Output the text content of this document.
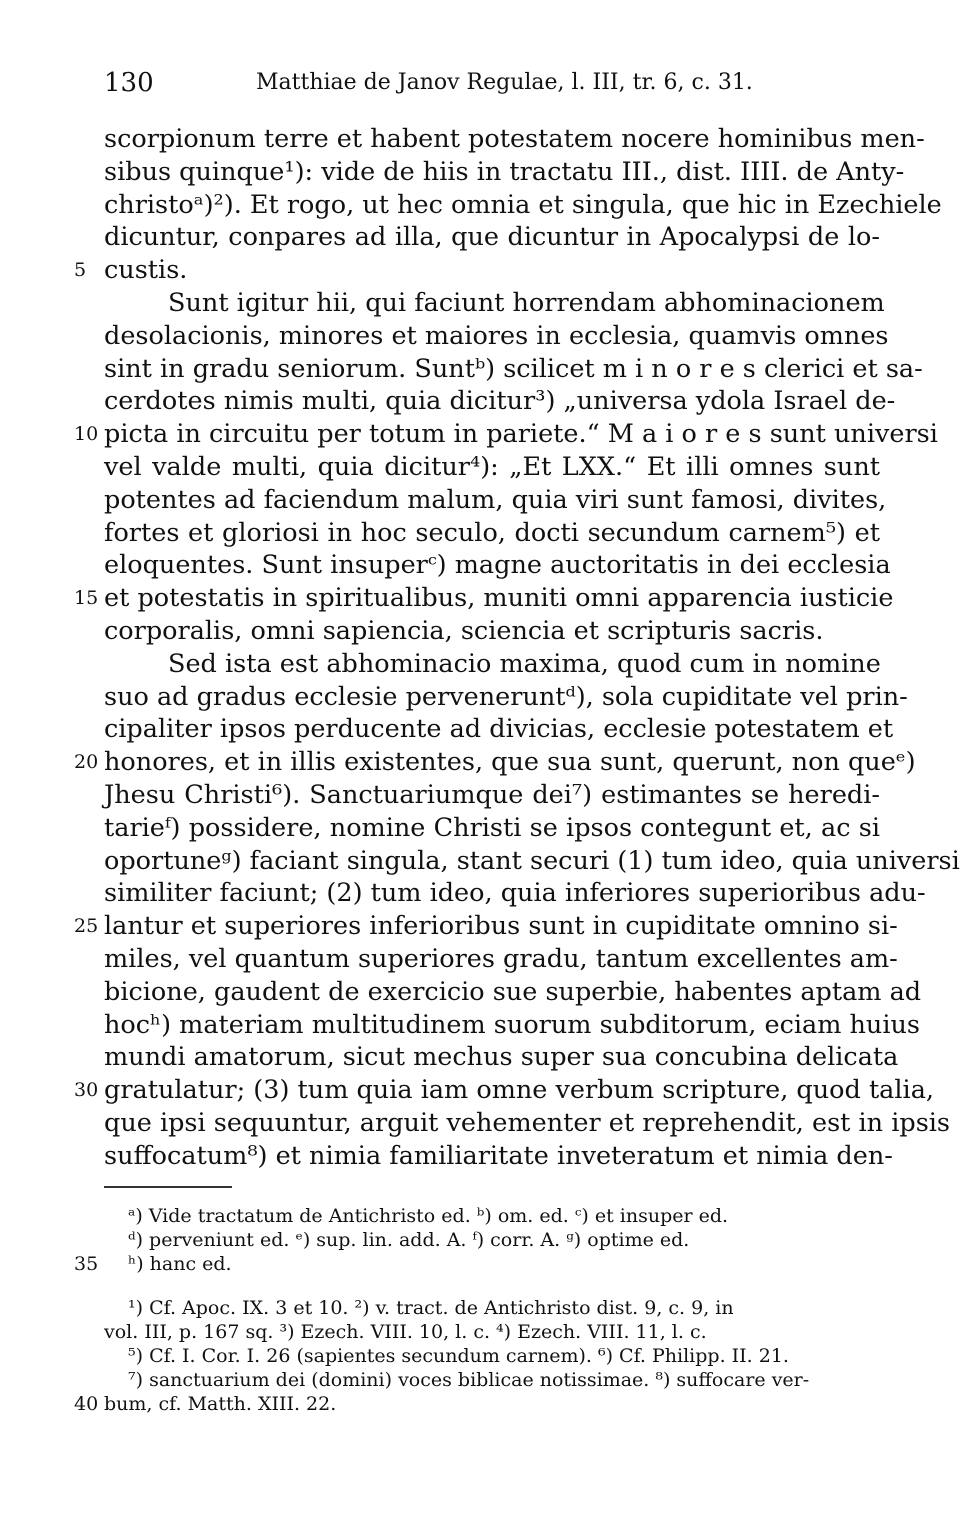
130	Matthiae de Janov Regulae, l. III, tr. 6, c. 31.
scorpionum terre et habent potestatem nocere hominibus men-
sibus quinque¹): vide de hiis in tractatu III., dist. IIII. de Anty-
christoᵃ)²). Et rogo, ut hec omnia et singula, que hic in Ezechiele
dicuntur, conpares ad illa, que dicuntur in Apocalypsi de lo-
5 custis.
Sunt igitur hii, qui faciunt horrendam abhominacionem
desolacionis, minores et maiores in ecclesia, quamvis omnes
sint in gradu seniorum. Suntᵇ) scilicet m i n o r e s clerici et sa-
cerdotes nimis multi, quia dicitur³) „universa ydola Israel de-
10 picta in circuitu per totum in pariete.“ M a i o r e s sunt universi
vel valde multi, quia dicitur⁴): „Et LXX.“ Et illi omnes sunt
potentes ad faciendum malum, quia viri sunt famosi, divites,
fortes et gloriosi in hoc seculo, docti secundum carnem⁵) et
eloquentes. Sunt insuperᶜ) magne auctoritatis in dei ecclesia
15 et potestatis in spiritualibus, muniti omni apparencia iusticie
corporalis, omni sapiencia, sciencia et scripturis sacris.
Sed ista est abhominacio maxima, quod cum in nomine
suo ad gradus ecclesie perveneruntᵈ), sola cupiditate vel prin-
cipaliter ipsos perducente ad divicias, ecclesie potestatem et
20 honores, et in illis existentes, que sua sunt, querunt, non queᵉ)
Jhesu Christi⁶). Sanctuariumque dei⁷) estimantes se heredi-
tarieᶠ) possidere, nomine Christi se ipsos contegunt et, ac si
oportuneᵍ) faciant singula, stant securi (1) tum ideo, quia universi
similiter faciunt; (2) tum ideo, quia inferiores superioribus adu-
25 lantur et superiores inferioribus sunt in cupiditate omnino si-
miles, vel quantum superiores gradu, tantum excellentes am-
bicione, gaudent de exercicio sue superbie, habentes aptam ad
hocʰ) materiam multitudinem suorum subditorum, eciam huius
mundi amatorum, sicut mechus super sua concubina delicata
30 gratulatur; (3) tum quia iam omne verbum scripture, quod talia,
que ipsi sequuntur, arguit vehementer et reprehendit, est in ipsis
suffocatum⁸) et nimia familiaritate inveteratum et nimia den-
ᵃ) Vide tractatum de Antichristo ed. ᵇ) om. ed. ᶜ) et insuper ed.
ᵈ) perveniunt ed. ᵉ) sup. lin. add. A. ᶠ) corr. A. ᵍ) optime ed.
35 ʰ) hanc ed.
¹) Cf. Apoc. IX. 3 et 10. ²) v. tract. de Antichristo dist. 9, c. 9, in
vol. III, p. 167 sq. ³) Ezech. VIII. 10, l. c. ⁴) Ezech. VIII. 11, l. c.
⁵) Cf. I. Cor. I. 26 (sapientes secundum carnem). ⁶) Cf. Philipp. II. 21.
⁷) sanctuarium dei (domini) voces biblicae notissimae. ⁸) suffocare ver-
40 bum, cf. Matth. XIII. 22.
